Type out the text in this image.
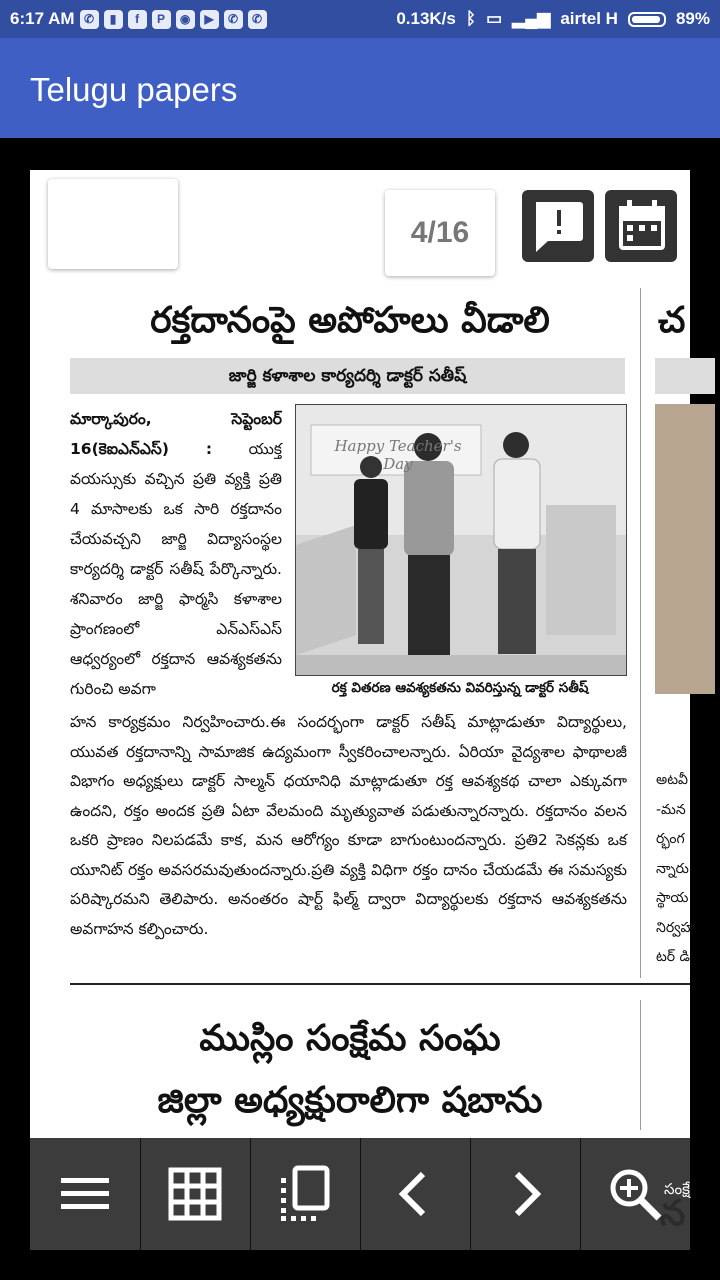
6:17 AM ✆	▮	f	P	◉	▶	✆	✆	0.13K/s ᛒ ▭ ▂▄▆ airtel H	89%
Telugu papers
4/16
రక్తదానంపై అపోహలు వీడాలి
జార్జి కళాశాల కార్యదర్శి డాక్టర్ సతీష్
మార్కాపురం, సెప్టెంబర్ 16(కెఐఎన్ఎస్) : యుక్త వయస్సుకు వచ్చిన ప్రతి వ్యక్తి ప్రతి 4 మాసాలకు ఒక సారి రక్తదానం చేయవచ్చని జార్జి విద్యాసంస్థల కార్యదర్శి డాక్టర్ సతీష్ పేర్కొన్నారు. శనివారం జార్జి ఫార్మసి కళాశాల ప్రాంగణంలో ఎన్ఎస్ఎస్ ఆధ్వర్యంలో రక్తదాన ఆవశ్యకతను గురించి అవగా
Happy Teacher's Day
రక్త వితరణ ఆవశ్యకతను వివరిస్తున్న డాక్టర్ సతీష్
హన కార్యక్రమం నిర్వహించారు.ఈ సందర్భంగా డాక్టర్ సతీష్ మాట్లాడుతూ విద్యార్థులు, యువత రక్తదానాన్ని సామాజిక ఉద్యమంగా స్వీకరించాలన్నారు. ఏరియా వైద్యశాల ఫాథాలజీ విభాగం అధ్యక్షులు డాక్టర్ సాల్మన్ ధయానిధి మాట్లాడుతూ రక్త ఆవశ్యకథ చాలా ఎక్కువగా ఉందని, రక్తం అందక ప్రతి ఏటా వేలమంది మృత్యువాత పడుతున్నారన్నారు. రక్తదానం వలన ఒకరి ప్రాణం నిలపడమే కాక, మన ఆరోగ్యం కూడా బాగుంటుందన్నారు. ప్రతి2 సెకన్లకు ఒక యూనిట్ రక్తం అవసరమవుతుందన్నారు.ప్రతి వ్యక్తి విధిగా రక్తం దానం చేయడమే ఈ సమస్యకు పరిష్కారమని తెలిపారు. అనంతరం షార్ట్ ఫిల్మ్ ద్వారా విద్యార్థులకు రక్తదాన ఆవశ్యకతను అవగాహన కల్పించారు.
ముస్లిం సంక్షేమ సంఘ
జిల్లా అధ్యక్షురాలిగా షబాను
చ
అటవీ
-మన
ర్భంగ
న్నారు
స్థాయ
నిర్వహ
టర్ డి
సంక్షే
